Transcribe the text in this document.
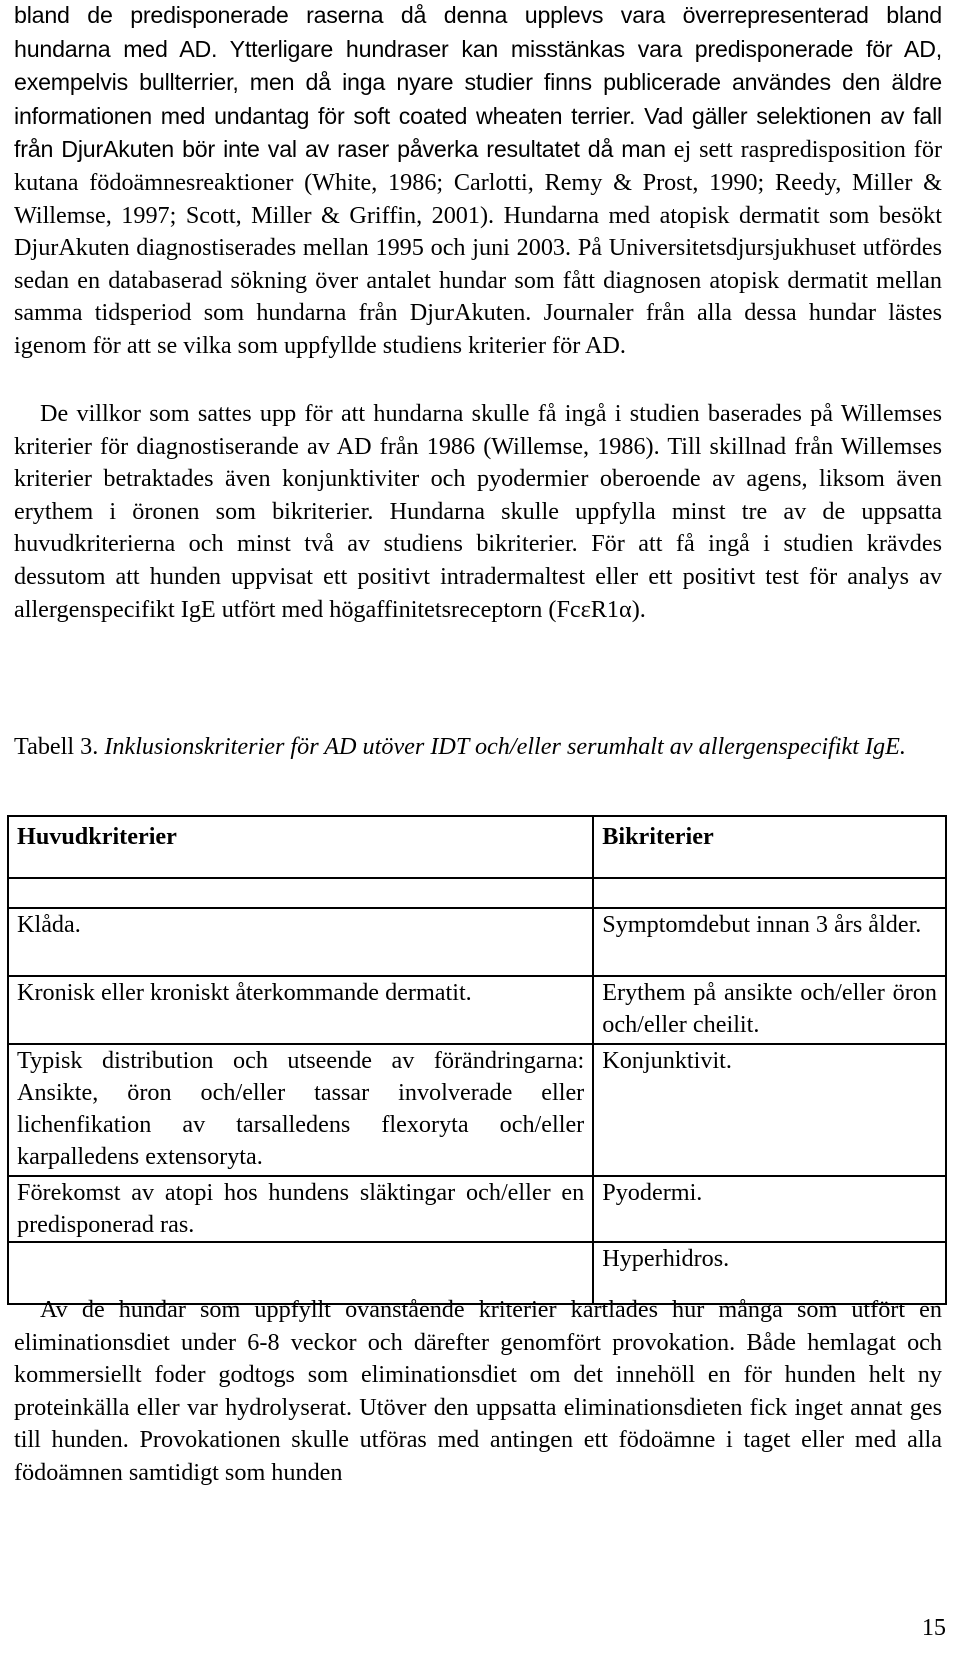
bland de predisponerade raserna då denna upplevs vara överrepresenterad bland hundarna med AD. Ytterligare hundraser kan misstänkas vara predisponerade för AD, exempelvis bullterrier, men då inga nyare studier finns publicerade användes den äldre informationen med undantag för soft coated wheaten terrier. Vad gäller selektionen av fall från DjurAkuten bör inte val av raser påverka resultatet då man ej sett raspredisposition för kutana födoämnesreaktioner (White, 1986; Carlotti, Remy & Prost, 1990; Reedy, Miller & Willemse, 1997; Scott, Miller & Griffin, 2001). Hundarna med atopisk dermatit som besökt DjurAkuten diagnostiserades mellan 1995 och juni 2003. På Universitetsdjursjukhuset utfördes sedan en databaserad sökning över antalet hundar som fått diagnosen atopisk dermatit mellan samma tidsperiod som hundarna från DjurAkuten. Journaler från alla dessa hundar lästes igenom för att se vilka som uppfyllde studiens kriterier för AD.

De villkor som sattes upp för att hundarna skulle få ingå i studien baserades på Willemses kriterier för diagnostiserande av AD från 1986 (Willemse, 1986). Till skillnad från Willemses kriterier betraktades även konjunktiviter och pyodermier oberoende av agens, liksom även erythem i öronen som bikriterier. Hundarna skulle uppfylla minst tre av de uppsatta huvudkriterierna och minst två av studiens bikriterier. För att få ingå i studien krävdes dessutom att hunden uppvisat ett positivt intradermaltest eller ett positivt test för analys av allergenspecifikt IgE utfört med högaffinitetsreceptorn (FcεR1α).

Tabell 3. Inklusionskriterier för AD utöver IDT och/eller serumhalt av allergenspecifikt IgE.

Huvudkriterier	Bikriterier

Klåda.	Symptomdebut innan 3 års ålder.
Kronisk eller kroniskt återkommande dermatit.	Erythem på ansikte och/eller öron och/eller cheilit.
Typisk distribution och utseende av förändringarna: Ansikte, öron och/eller tassar involverade eller lichenfikation av tarsalledens flexoryta och/eller karpalledens extensoryta.	Konjunktivit.
Förekomst av atopi hos hundens släktingar och/eller en predisponerad ras.	Pyodermi.
	Hyperhidros.

Av de hundar som uppfyllt ovanstående kriterier kartlades hur många som utfört en eliminationsdiet under 6-8 veckor och därefter genomfört provokation. Både hemlagat och kommersiellt foder godtogs som eliminationsdiet om det innehöll en för hunden helt ny proteinkälla eller var hydrolyserat. Utöver den uppsatta eliminationsdieten fick inget annat ges till hunden. Provokationen skulle utföras med antingen ett födoämne i taget eller med alla födoämnen samtidigt som hunden

15
